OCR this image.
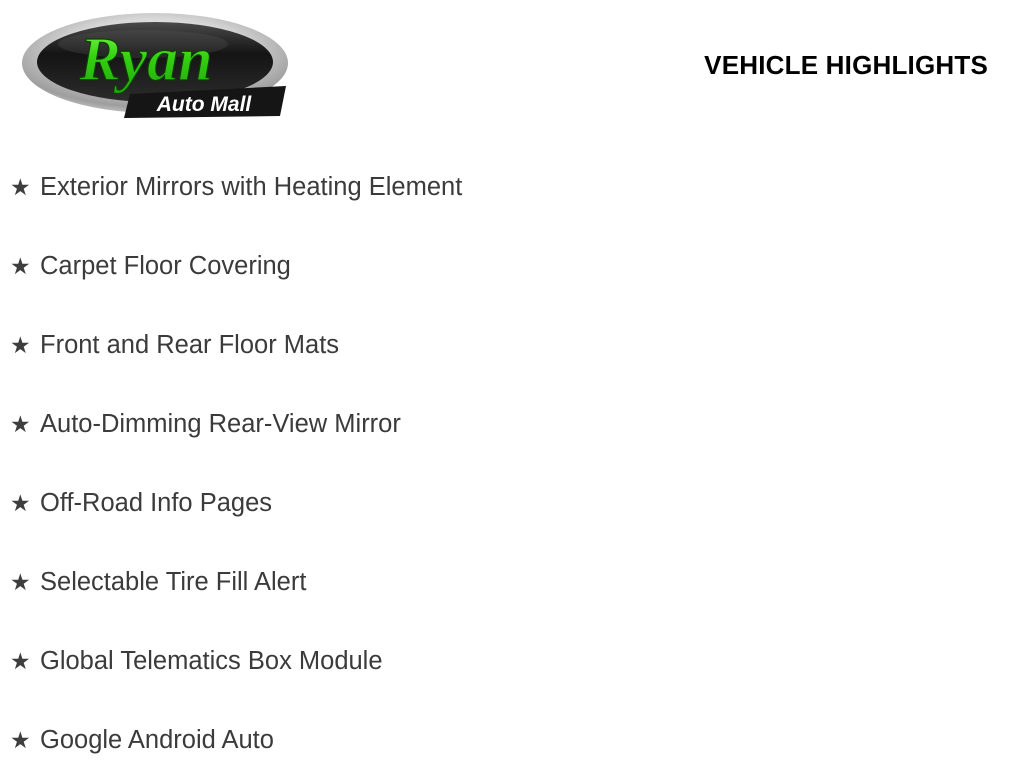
Ryan
Auto Mall
VEHICLE HIGHLIGHTS
★ Exterior Mirrors with Heating Element
★ Carpet Floor Covering
★ Front and Rear Floor Mats
★ Auto-Dimming Rear-View Mirror
★ Off-Road Info Pages
★ Selectable Tire Fill Alert
★ Global Telematics Box Module
★ Google Android Auto
